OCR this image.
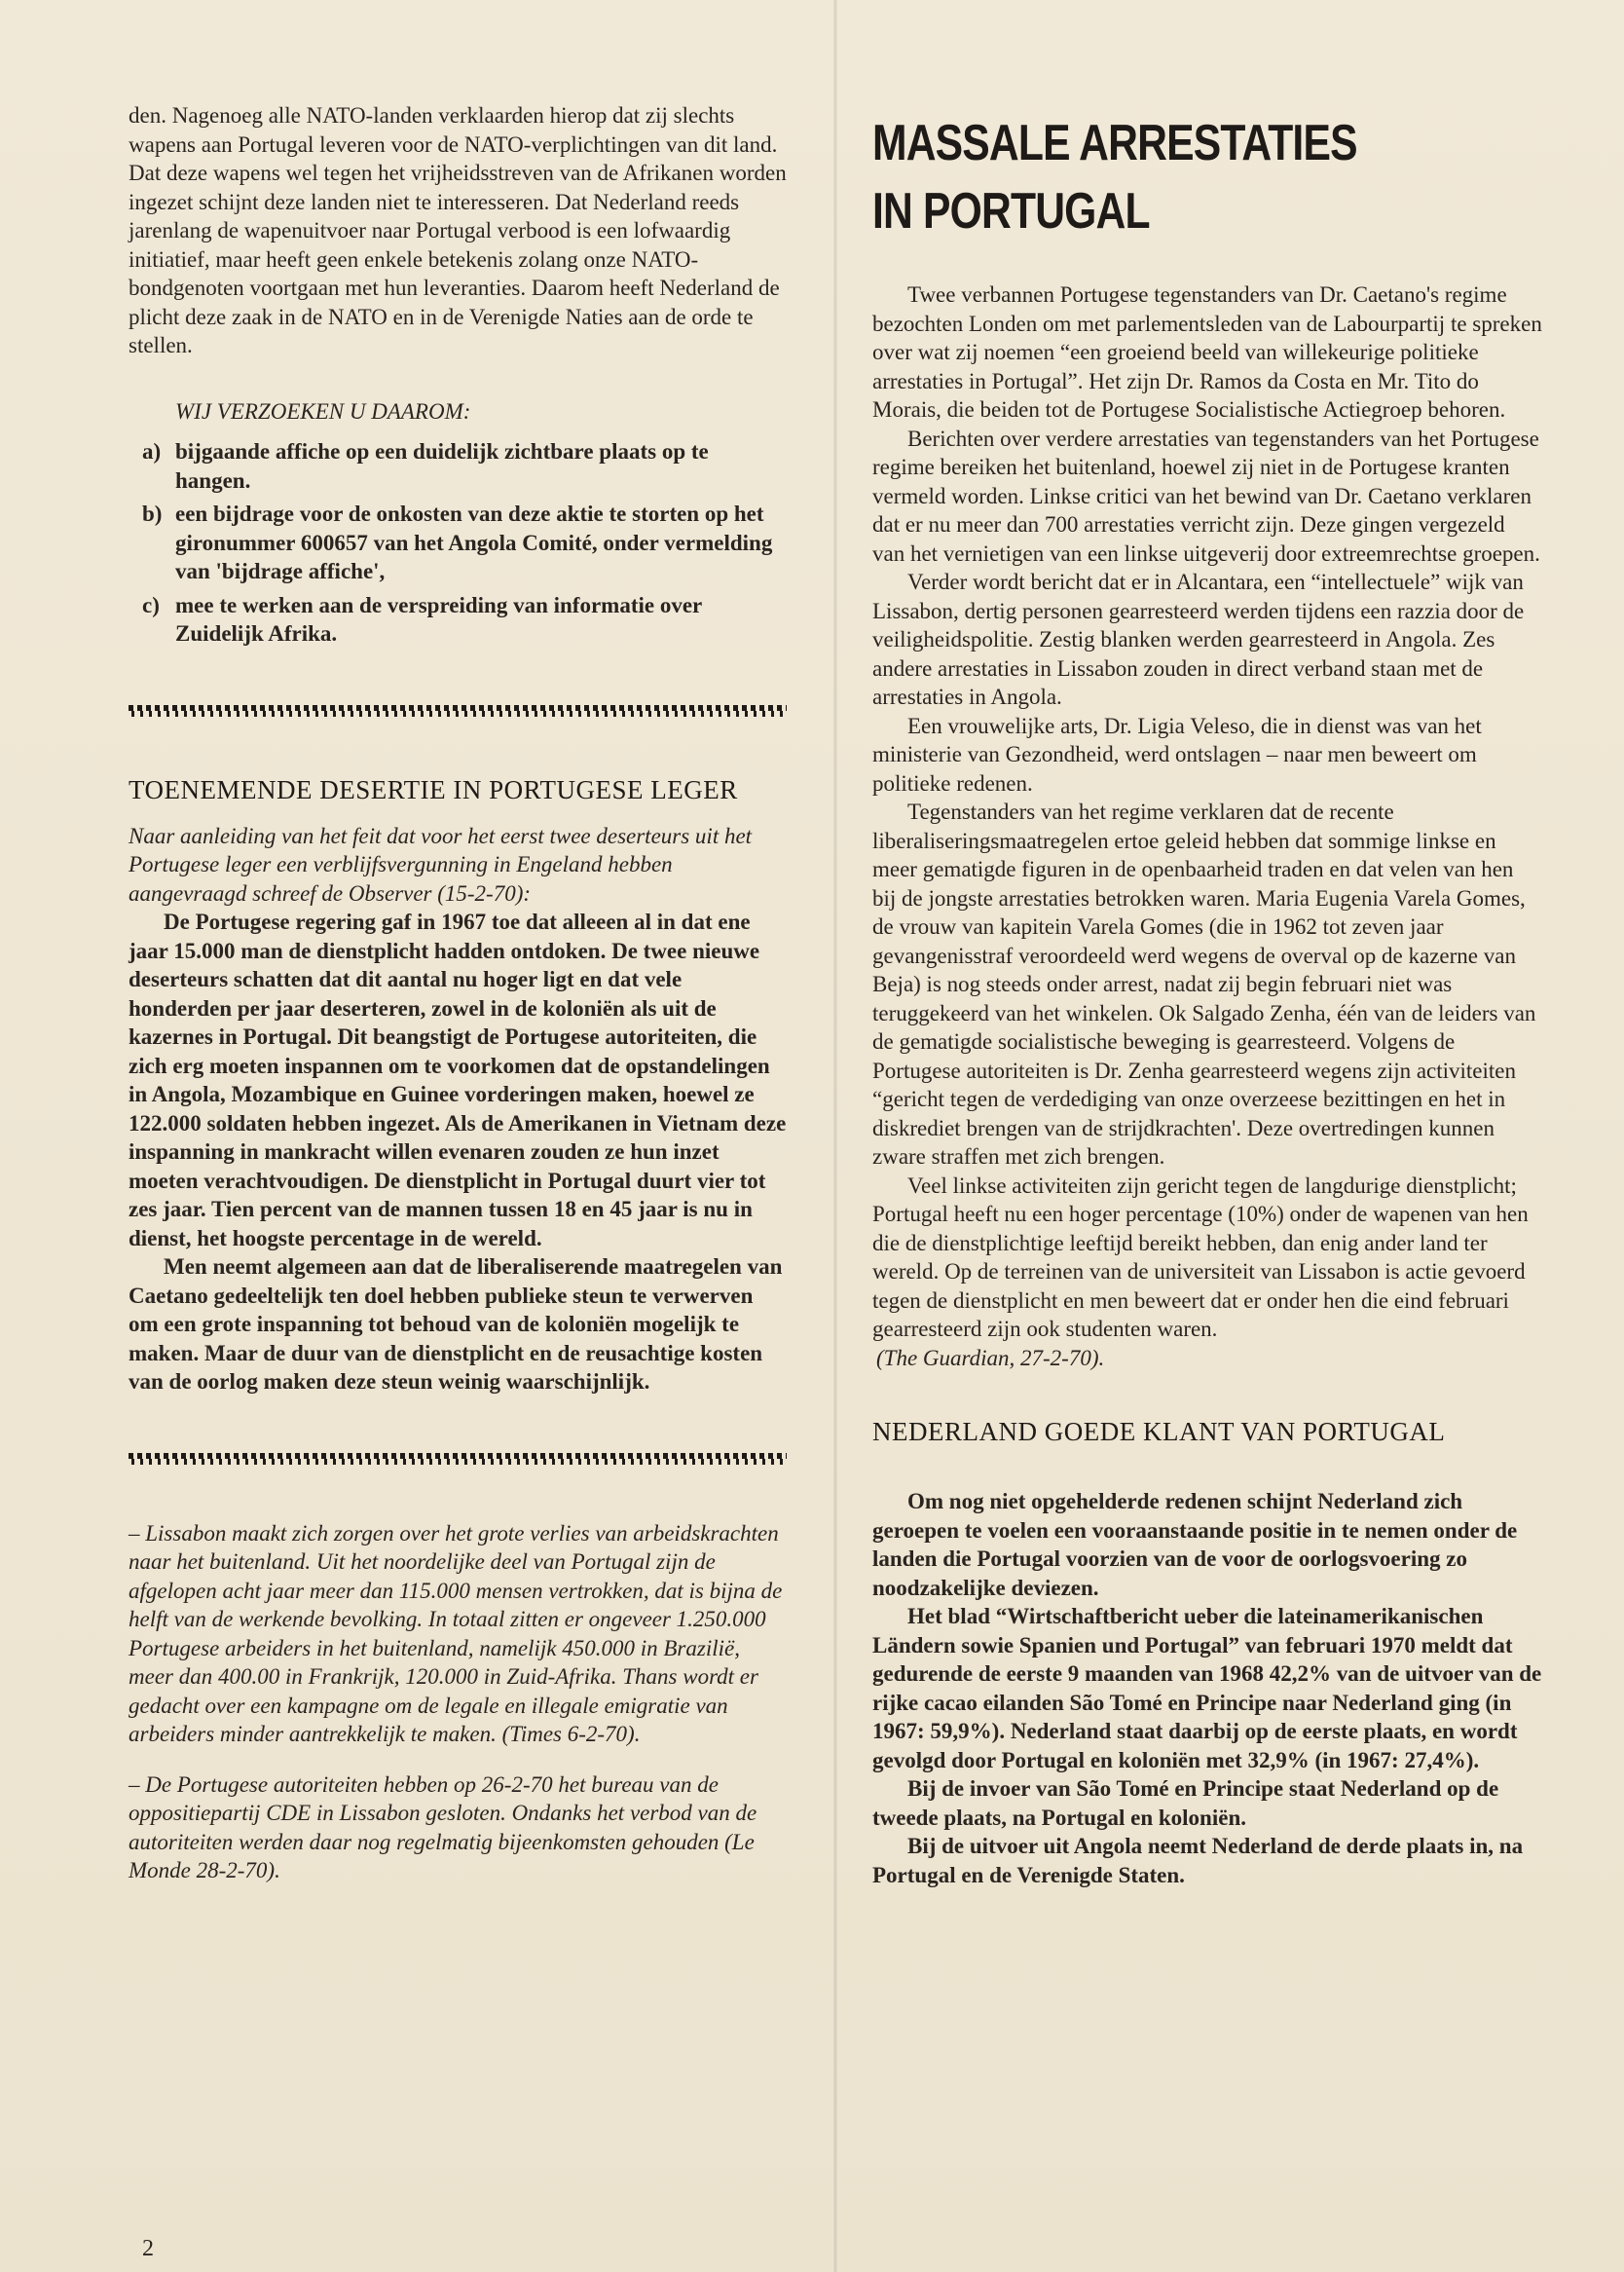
den. Nagenoeg alle NATO-landen verklaarden hierop dat zij slechts wapens aan Portugal leveren voor de NATO-verplichtingen van dit land. Dat deze wapens wel tegen het vrijheidsstreven van de Afrikanen worden ingezet schijnt deze landen niet te interesseren. Dat Nederland reeds jarenlang de wapenuitvoer naar Portugal verbood is een lofwaardig initiatief, maar heeft geen enkele betekenis zolang onze NATO-bondgenoten voortgaan met hun leveranties. Daarom heeft Nederland de plicht deze zaak in de NATO en in de Verenigde Naties aan de orde te stellen.

WIJ VERZOEKEN U DAAROM:

a) bijgaande affiche op een duidelijk zichtbare plaats op te hangen.
b) een bijdrage voor de onkosten van deze aktie te storten op het gironummer 600657 van het Angola Comité, onder vermelding van 'bijdrage affiche',
c) mee te werken aan de verspreiding van informatie over Zuidelijk Afrika.
TOENEMENDE DESERTIE IN PORTUGESE LEGER

Naar aanleiding van het feit dat voor het eerst twee deserteurs uit het Portugese leger een verblijfsvergunning in Engeland hebben aangevraagd schreef de Observer (15-2-70):

De Portugese regering gaf in 1967 toe dat alleeen al in dat ene jaar 15.000 man de dienstplicht hadden ontdoken. De twee nieuwe deserteurs schatten dat dit aantal nu hoger ligt en dat vele honderden per jaar deserteren, zowel in de koloniën als uit de kazernes in Portugal. Dit beangstigt de Portugese autoriteiten, die zich erg moeten inspannen om te voorkomen dat de opstandelingen in Angola, Mozambique en Guinee vorderingen maken, hoewel ze 122.000 soldaten hebben ingezet. Als de Amerikanen in Vietnam deze inspanning in mankracht willen evenaren zouden ze hun inzet moeten verachtvoudigen. De dienstplicht in Portugal duurt vier tot zes jaar. Tien percent van de mannen tussen 18 en 45 jaar is nu in dienst, het hoogste percentage in de wereld.

Men neemt algemeen aan dat de liberaliserende maatregelen van Caetano gedeeltelijk ten doel hebben publieke steun te verwerven om een grote inspanning tot behoud van de koloniën mogelijk te maken. Maar de duur van de dienstplicht en de reusachtige kosten van de oorlog maken deze steun weinig waarschijnlijk.

– Lissabon maakt zich zorgen over het grote verlies van arbeidskrachten naar het buitenland. Uit het noordelijke deel van Portugal zijn de afgelopen acht jaar meer dan 115.000 mensen vertrokken, dat is bijna de helft van de werkende bevolking. In totaal zitten er ongeveer 1.250.000 Portugese arbeiders in het buitenland, namelijk 450.000 in Brazilië, meer dan 400.00 in Frankrijk, 120.000 in Zuid-Afrika. Thans wordt er gedacht over een kampagne om de legale en illegale emigratie van arbeiders minder aantrekkelijk te maken. (Times 6-2-70).

– De Portugese autoriteiten hebben op 26-2-70 het bureau van de oppositiepartij CDE in Lissabon gesloten. Ondanks het verbod van de autoriteiten werden daar nog regelmatig bijeenkomsten gehouden (Le Monde 28-2-70).

MASSALE ARRESTATIES
IN PORTUGAL

Twee verbannen Portugese tegenstanders van Dr. Caetano's regime bezochten Londen om met parlementsleden van de Labourpartij te spreken over wat zij noemen “een groeiend beeld van willekeurige politieke arrestaties in Portugal”. Het zijn Dr. Ramos da Costa en Mr. Tito do Morais, die beiden tot de Portugese Socialistische Actiegroep behoren.

Berichten over verdere arrestaties van tegenstanders van het Portugese regime bereiken het buitenland, hoewel zij niet in de Portugese kranten vermeld worden. Linkse critici van het bewind van Dr. Caetano verklaren dat er nu meer dan 700 arrestaties verricht zijn. Deze gingen vergezeld van het vernietigen van een linkse uitgeverij door extreemrechtse groepen.

Verder wordt bericht dat er in Alcantara, een “intellectuele” wijk van Lissabon, dertig personen gearresteerd werden tijdens een razzia door de veiligheidspolitie. Zestig blanken werden gearresteerd in Angola. Zes andere arrestaties in Lissabon zouden in direct verband staan met de arrestaties in Angola.

Een vrouwelijke arts, Dr. Ligia Veleso, die in dienst was van het ministerie van Gezondheid, werd ontslagen – naar men beweert om politieke redenen.

Tegenstanders van het regime verklaren dat de recente liberaliseringsmaatregelen ertoe geleid hebben dat sommige linkse en meer gematigde figuren in de openbaarheid traden en dat velen van hen bij de jongste arrestaties betrokken waren. Maria Eugenia Varela Gomes, de vrouw van kapitein Varela Gomes (die in 1962 tot zeven jaar gevangenisstraf veroordeeld werd wegens de overval op de kazerne van Beja) is nog steeds onder arrest, nadat zij begin februari niet was teruggekeerd van het winkelen. Ok Salgado Zenha, één van de leiders van de gematigde socialistische beweging is gearresteerd. Volgens de Portugese autoriteiten is Dr. Zenha gearresteerd wegens zijn activiteiten “gericht tegen de verdediging van onze overzeese bezittingen en het in diskrediet brengen van de strijdkrachten'. Deze overtredingen kunnen zware straffen met zich brengen.

Veel linkse activiteiten zijn gericht tegen de langdurige dienstplicht; Portugal heeft nu een hoger percentage (10%) onder de wapenen van hen die de dienstplichtige leeftijd bereikt hebben, dan enig ander land ter wereld. Op de terreinen van de universiteit van Lissabon is actie gevoerd tegen de dienstplicht en men beweert dat er onder hen die eind februari gearresteerd zijn ook studenten waren.

(The Guardian, 27-2-70).

NEDERLAND GOEDE KLANT VAN PORTUGAL

Om nog niet opgehelderde redenen schijnt Nederland zich geroepen te voelen een vooraanstaande positie in te nemen onder de landen die Portugal voorzien van de voor de oorlogsvoering zo noodzakelijke deviezen.

Het blad “Wirtschaftbericht ueber die lateinamerikanischen Ländern sowie Spanien und Portugal” van februari 1970 meldt dat gedurende de eerste 9 maanden van 1968 42,2% van de uitvoer van de rijke cacao eilanden São Tomé en Principe naar Nederland ging (in 1967: 59,9%). Nederland staat daarbij op de eerste plaats, en wordt gevolgd door Portugal en koloniën met 32,9% (in 1967: 27,4%).

Bij de invoer van São Tomé en Principe staat Nederland op de tweede plaats, na Portugal en koloniën.

Bij de uitvoer uit Angola neemt Nederland de derde plaats in, na Portugal en de Verenigde Staten.

2
